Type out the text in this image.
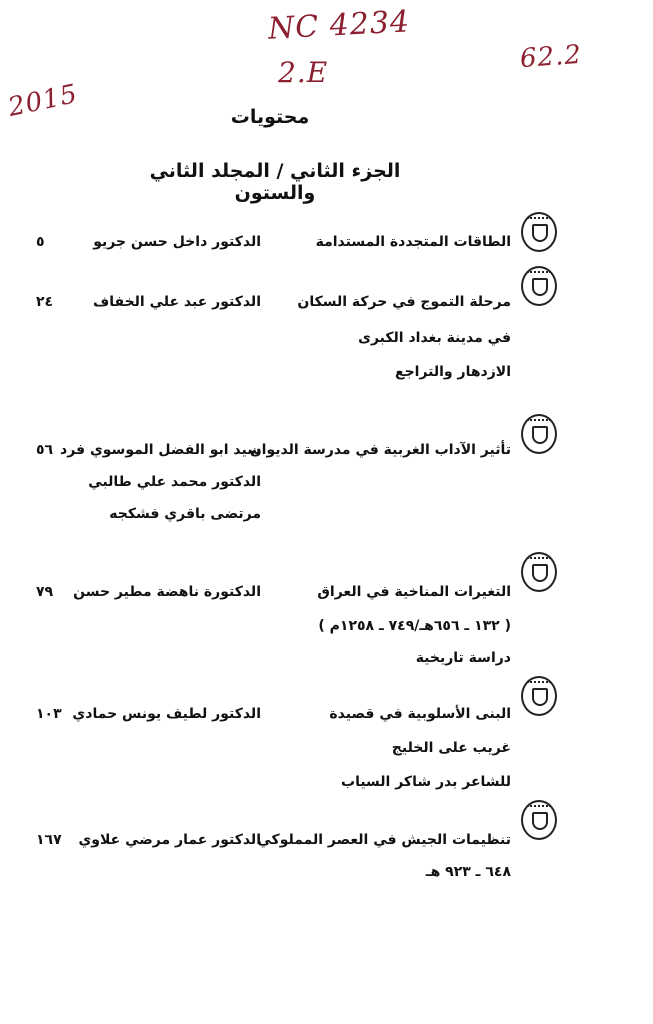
NC 4234
2.E	62.2
2015	محتويات
الجزء الثاني / المجلد الثاني والستون
الطاقات المتجددة المستدامة
الدكتور داخل حسن جريو
٥
مرحلة التموج في حركة السكان
في مدينة بغداد الكبرى
الازدهار والتراجع
الدكتور عبد علي الخفاف
٢٤
تأثير الآداب الغربية في مدرسة الديوان
سيد ابو الفضل الموسوي فرد
الدكتور محمد علي طالبي
مرتضى باقري فشكجه
٥٦
التغيرات المناخية في العراق
( ١٣٢ ـ ٦٥٦هـ/٧٤٩ ـ ١٢٥٨م )
دراسة تاريخية
الدكتورة ناهضة مطير حسن
٧٩
البنى الأسلوبية في قصيدة
غريب على الخليج
للشاعر بدر شاكر السياب
الدكتور لطيف يونس حمادي
١٠٣
تنظيمات الجيش في العصر المملوكي
٦٤٨ ـ ٩٢٣ هـ
الدكتور عمار مرضي علاوي
١٦٧
